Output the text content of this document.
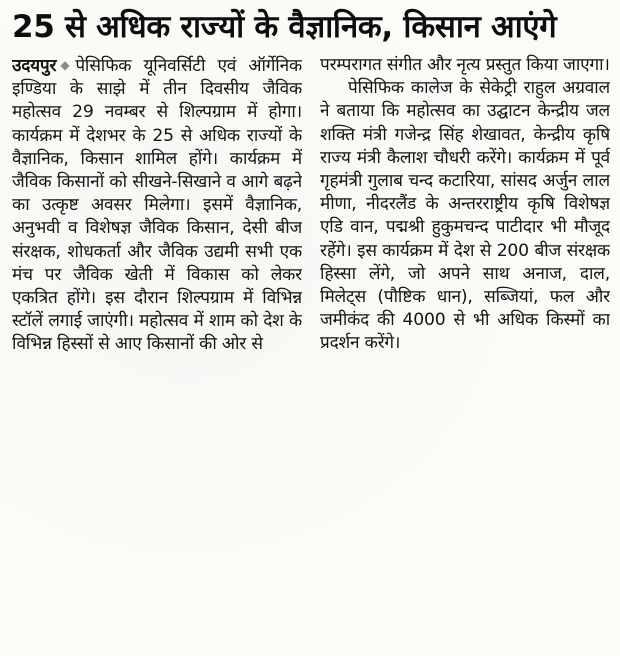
25 से अधिक राज्यों के वैज्ञानिक, किसान आएंगे

उदयपुर ◆ पेसिफिक यूनिवर्सिटी एवं ऑर्गेनिक इण्डिया के साझे में तीन दिवसीय जैविक महोत्सव 29 नवम्बर से शिल्पग्राम में होगा। कार्यक्रम में देशभर के 25 से अधिक राज्यों के वैज्ञानिक, किसान शामिल होंगे। कार्यक्रम में जैविक किसानों को सीखने-सिखाने व आगे बढ़ने का उत्कृष्ट अवसर मिलेगा। इसमें वैज्ञानिक, अनुभवी व विशेषज्ञ जैविक किसान, देसी बीज संरक्षक, शोधकर्ता और जैविक उद्यमी सभी एक मंच पर जैविक खेती में विकास को लेकर एकत्रित होंगे। इस दौरान शिल्पग्राम में विभिन्न स्टॉलें लगाई जाएंगी। महोत्सव में शाम को देश के विभिन्न हिस्सों से आए किसानों की ओर से

परम्परागत संगीत और नृत्य प्रस्तुत किया जाएगा।

पेसिफिक कालेज के सेकेट्री राहुल अग्रवाल ने बताया कि महोत्सव का उद्घाटन केन्द्रीय जल शक्ति मंत्री गजेन्द्र सिंह शेखावत, केन्द्रीय कृषि राज्य मंत्री कैलाश चौधरी करेंगे। कार्यक्रम में पूर्व गृहमंत्री गुलाब चन्द कटारिया, सांसद अर्जुन लाल मीणा, नीदरलैंड के अन्तरराष्ट्रीय कृषि विशेषज्ञ एडि वान, पद्मश्री हुकुमचन्द पाटीदार भी मौजूद रहेंगे। इस कार्यक्रम में देश से 200 बीज संरक्षक हिस्सा लेंगे, जो अपने साथ अनाज, दाल, मिलेट्स (पौष्टिक धान), सब्जियां, फल और जमीकंद की 4000 से भी अधिक किस्मों का प्रदर्शन करेंगे।
